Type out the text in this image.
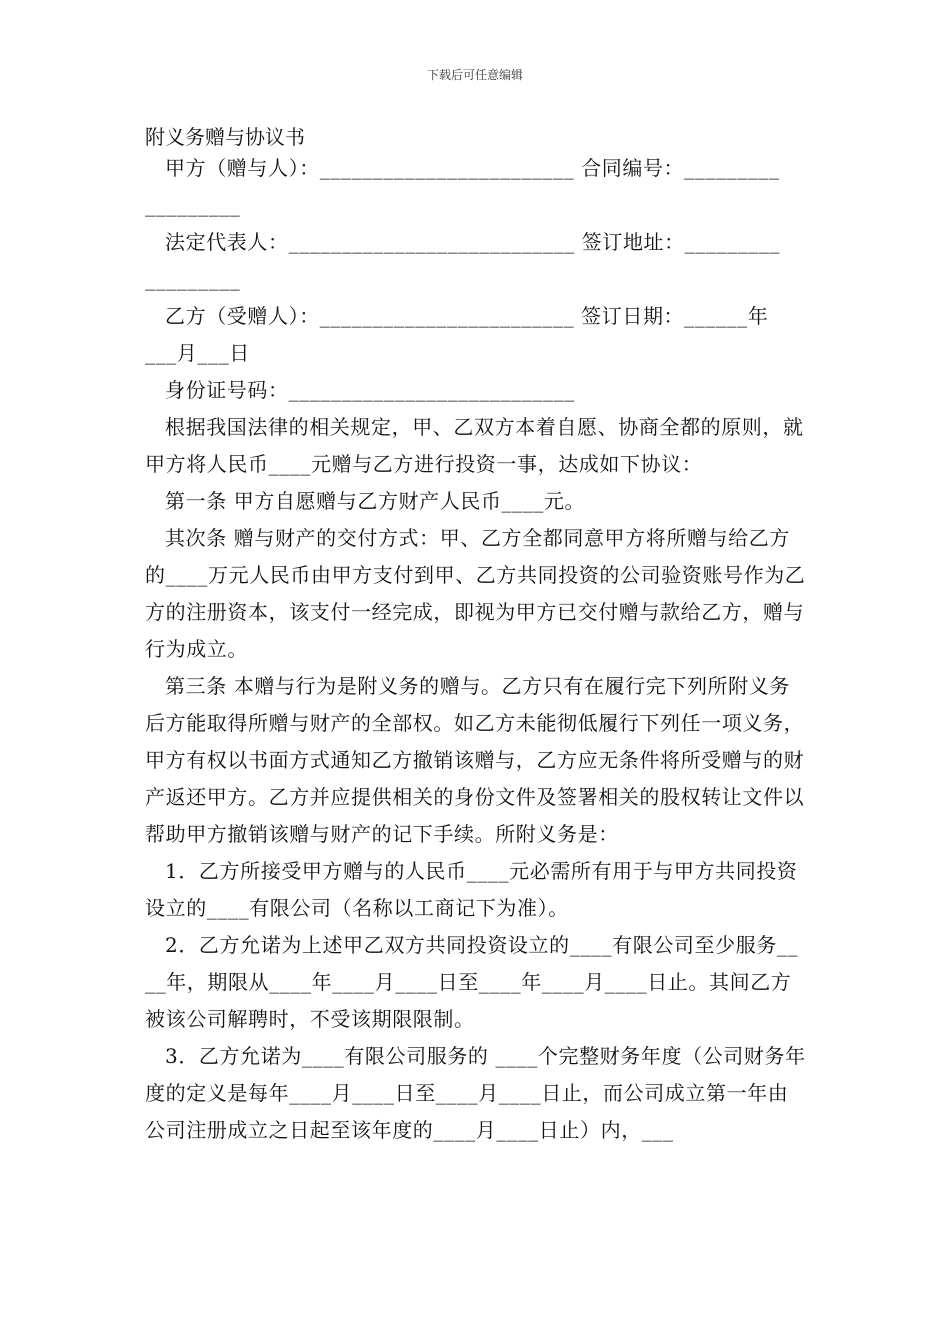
下载后可任意编辑
附义务赠与协议书

甲方（赠与人）：________________________ 合同编号：_________
_________

法定代表人：___________________________ 签订地址：_________
_________

乙方（受赠人）：________________________ 签订日期：______年
___月___日

身份证号码：___________________________

根据我国法律的相关规定，甲、乙双方本着自愿、协商全都的原则，就甲方将人民币____元赠与乙方进行投资一事，达成如下协议：

第一条 甲方自愿赠与乙方财产人民币____元。

其次条 赠与财产的交付方式：甲、乙方全都同意甲方将所赠与给乙方的____万元人民币由甲方支付到甲、乙方共同投资的公司验资账号作为乙方的注册资本，该支付一经完成，即视为甲方已交付赠与款给乙方，赠与行为成立。

第三条 本赠与行为是附义务的赠与。乙方只有在履行完下列所附义务后方能取得所赠与财产的全部权。如乙方未能彻低履行下列任一项义务，甲方有权以书面方式通知乙方撤销该赠与，乙方应无条件将所受赠与的财产返还甲方。乙方并应提供相关的身份文件及签署相关的股权转让文件以帮助甲方撤销该赠与财产的记下手续。所附义务是：

1．乙方所接受甲方赠与的人民币____元必需所有用于与甲方共同投资设立的____有限公司（名称以工商记下为准）。

2．乙方允诺为上述甲乙双方共同投资设立的____有限公司至少服务____年，期限从____年____月____日至____年____月____日止。其间乙方被该公司解聘时，不受该期限限制。

3．乙方允诺为____有限公司服务的 ____个完整财务年度（公司财务年度的定义是每年____月____日至____月____日止，而公司成立第一年由公司注册成立之日起至该年度的____月____日止）内，___
